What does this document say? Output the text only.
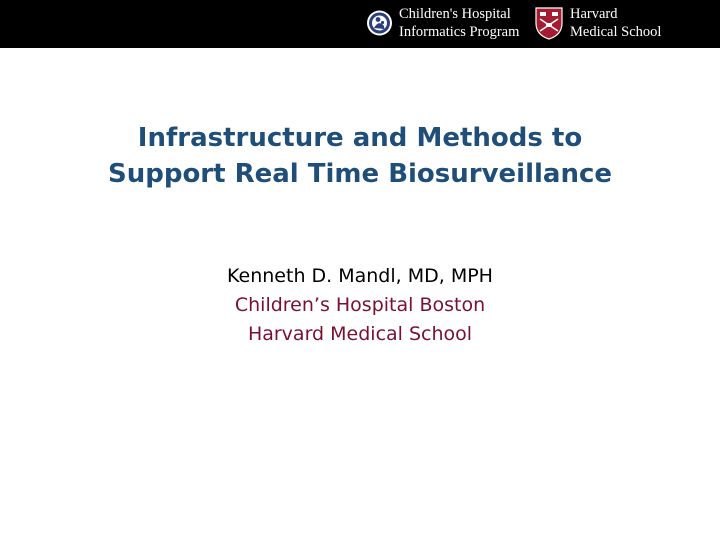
Children's Hospital
Informatics Program
Harvard
Medical School
Infrastructure and Methods to
Support Real Time Biosurveillance
Kenneth D. Mandl, MD, MPH
Children’s Hospital Boston
Harvard Medical School
